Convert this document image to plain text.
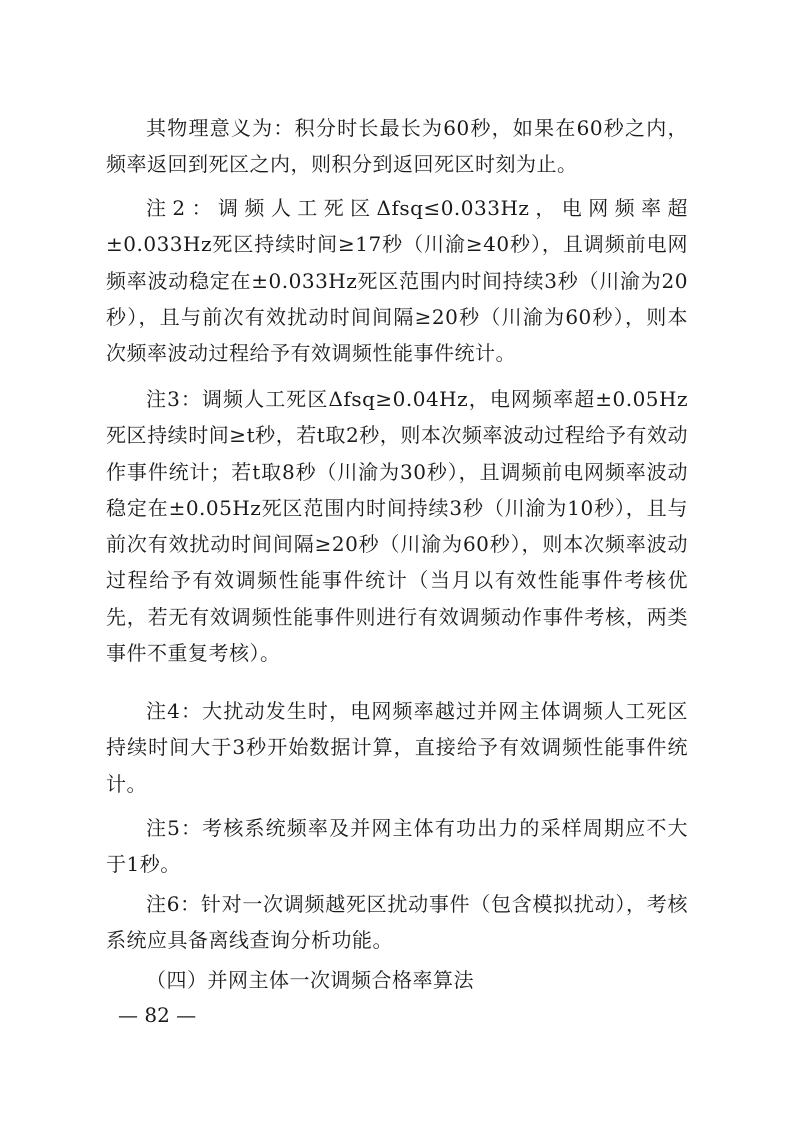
其物理意义为：积分时长最长为60秒，如果在60秒之内，频率返回到死区之内，则积分到返回死区时刻为止。

注2：调频人工死区Δfsq≤0.033Hz，电网频率超±0.033Hz死区持续时间≥17秒（川渝≥40秒），且调频前电网频率波动稳定在±0.033Hz死区范围内时间持续3秒（川渝为20秒），且与前次有效扰动时间间隔≥20秒（川渝为60秒），则本次频率波动过程给予有效调频性能事件统计。

注3：调频人工死区Δfsq≥0.04Hz，电网频率超±0.05Hz死区持续时间≥t秒，若t取2秒，则本次频率波动过程给予有效动作事件统计；若t取8秒（川渝为30秒），且调频前电网频率波动稳定在±0.05Hz死区范围内时间持续3秒（川渝为10秒），且与前次有效扰动时间间隔≥20秒（川渝为60秒），则本次频率波动过程给予有效调频性能事件统计（当月以有效性能事件考核优先，若无有效调频性能事件则进行有效调频动作事件考核，两类事件不重复考核）。

注4：大扰动发生时，电网频率越过并网主体调频人工死区持续时间大于3秒开始数据计算，直接给予有效调频性能事件统计。

注5：考核系统频率及并网主体有功出力的采样周期应不大于1秒。

注6：针对一次调频越死区扰动事件（包含模拟扰动），考核系统应具备离线查询分析功能。

（四）并网主体一次调频合格率算法

— 82 —
